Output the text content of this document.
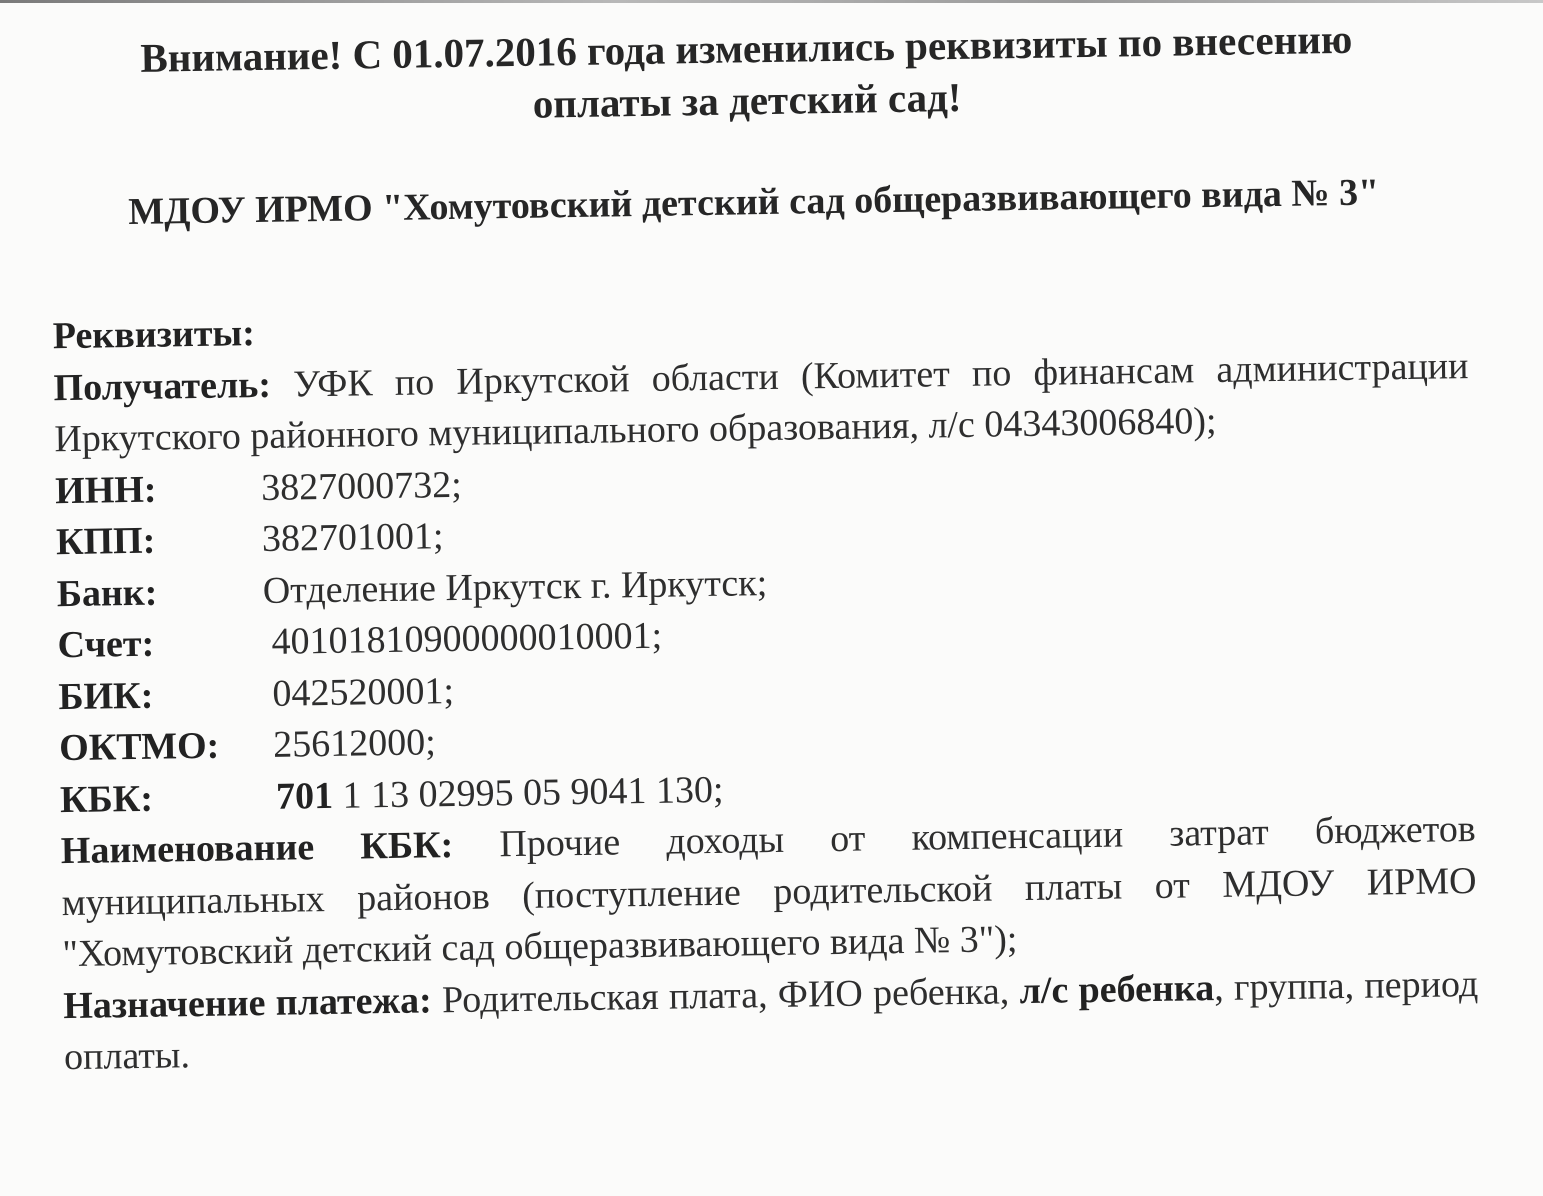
Внимание! С 01.07.2016 года изменились реквизиты по внесению
оплаты за детский сад!
МДОУ ИРМО "Хомутовский детский сад общеразвивающего вида № 3"
Реквизиты:
Получатель: УФК по Иркутской области (Комитет по финансам администрации Иркутского районного муниципального образования, л/с 04343006840);
ИНН:	3827000732;
КПП:	382701001;
Банк:	Отделение Иркутск г. Иркутск;
Счет:	40101810900000010001;
БИК:	042520001;
ОКТМО:	25612000;
КБК:	701 1 13 02995 05 9041 130;
Наименование КБК: Прочие доходы от компенсации затрат бюджетов муниципальных районов (поступление родительской платы от МДОУ ИРМО "Хомутовский детский сад общеразвивающего вида № 3");
Назначение платежа: Родительская плата, ФИО ребенка, л/с ребенка, группа, период оплаты.
